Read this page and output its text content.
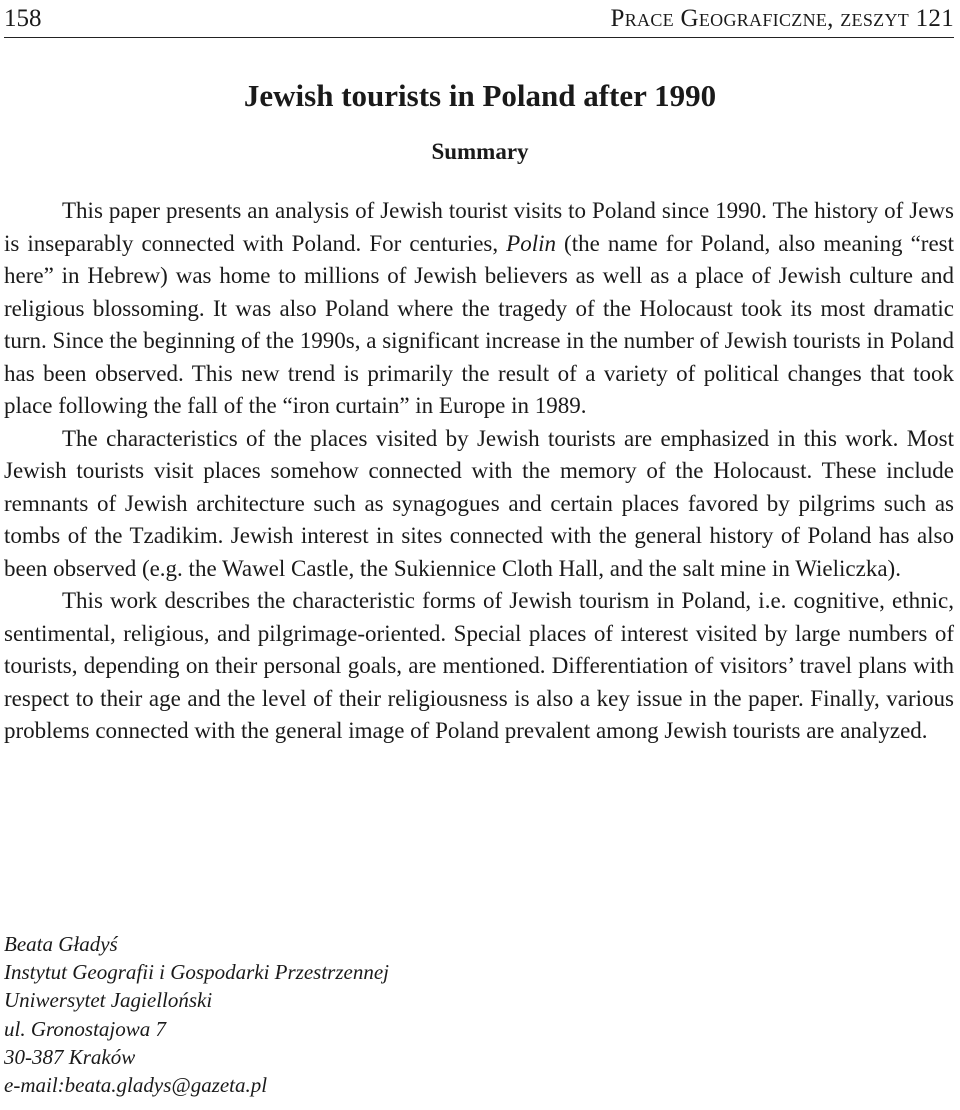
158	Prace Geograficzne, zeszyt 121
Jewish tourists in Poland after 1990
Summary

This paper presents an analysis of Jewish tourist visits to Poland since 1990. The history of Jews is inseparably connected with Poland. For centuries, Polin (the name for Poland, also meaning “rest here” in Hebrew) was home to millions of Jewish believers as well as a place of Jewish culture and religious blossoming. It was also Poland where the tragedy of the Holocaust took its most dramatic turn. Since the beginning of the 1990s, a significant increase in the number of Jewish tourists in Poland has been observed. This new trend is primarily the result of a variety of political changes that took place following the fall of the “iron curtain” in Europe in 1989.

The characteristics of the places visited by Jewish tourists are emphasized in this work. Most Jewish tourists visit places somehow connected with the memory of the Holocaust. These include remnants of Jewish architecture such as synagogues and certain places favored by pilgrims such as tombs of the Tzadikim. Jewish interest in sites connected with the general history of Poland has also been observed (e.g. the Wawel Castle, the Sukiennice Cloth Hall, and the salt mine in Wieliczka).

This work describes the characteristic forms of Jewish tourism in Poland, i.e. cognitive, ethnic, sentimental, religious, and pilgrimage-oriented. Special places of interest visited by large numbers of tourists, depending on their personal goals, are mentioned. Differentiation of visitors’ travel plans with respect to their age and the level of their religiousness is also a key issue in the paper. Finally, various problems connected with the general image of Poland prevalent among Jewish tourists are analyzed.

Beata Gładyś
Instytut Geografii i Gospodarki Przestrzennej
Uniwersytet Jagielloński
ul. Gronostajowa 7
30-387 Kraków
e-mail:beata.gladys@gazeta.pl
